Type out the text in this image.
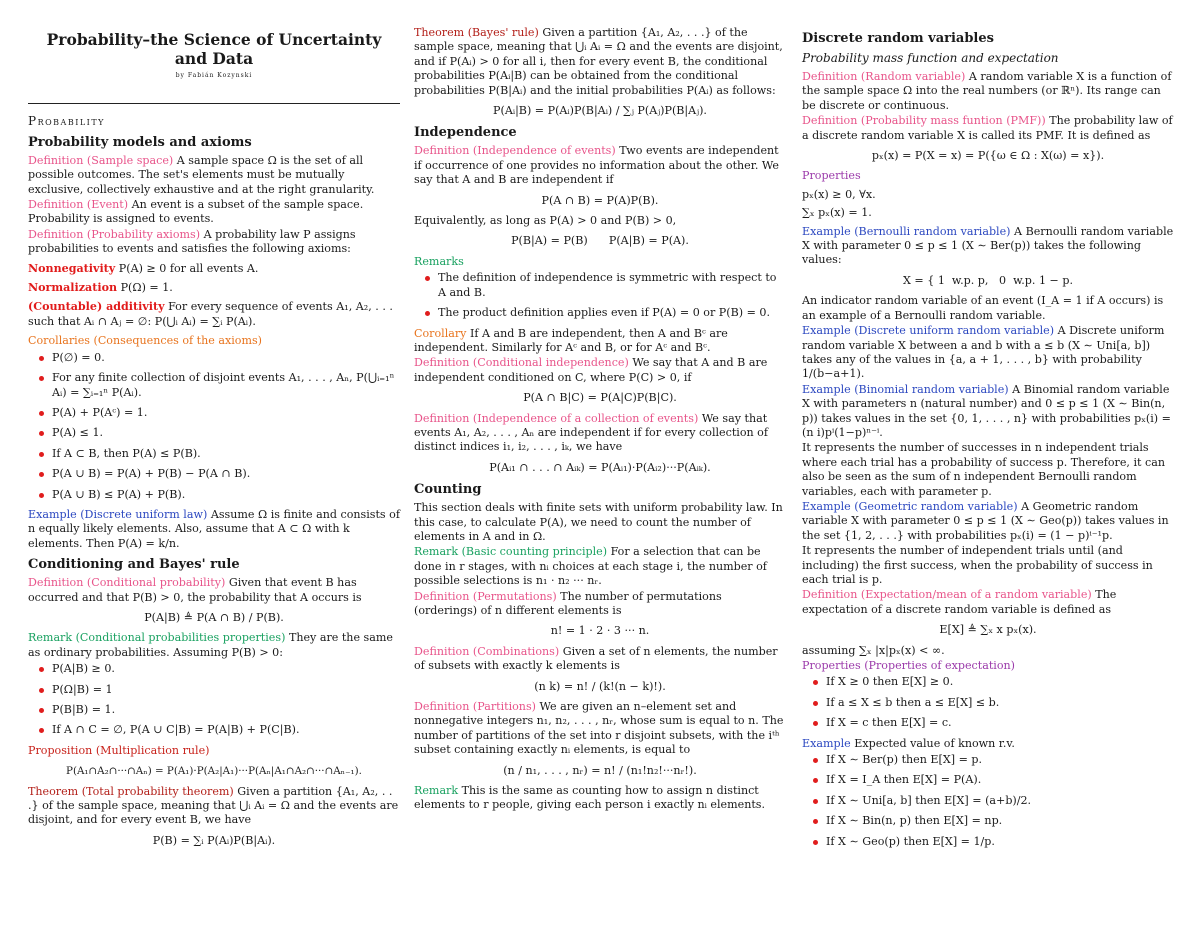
Probability–the Science of Uncertainty and Data
by Fabián Kozynski
Probability
Probability models and axioms
Definition (Sample space) A sample space Ω is the set of all possible outcomes. The set's elements must be mutually exclusive, collectively exhaustive and at the right granularity.
Definition (Event) An event is a subset of the sample space. Probability is assigned to events.
Definition (Probability axioms) A probability law P assigns probabilities to events and satisfies the following axioms:
Nonnegativity P(A) ≥ 0 for all events A.
Normalization P(Ω) = 1.
(Countable) additivity For every sequence of events A₁, A₂, . . . such that Aᵢ ∩ Aⱼ = ∅: P(⋃ᵢ Aᵢ) = ∑ᵢ P(Aᵢ).
Corollaries (Consequences of the axioms)
P(∅) = 0.
For any finite collection of disjoint events A₁, . . . , Aₙ, P(⋃ᵢ₌₁ⁿ Aᵢ) = ∑ᵢ₌₁ⁿ P(Aᵢ).
P(A) + P(Aᶜ) = 1.
P(A) ≤ 1.
If A ⊂ B, then P(A) ≤ P(B).
P(A ∪ B) = P(A) + P(B) − P(A ∩ B).
P(A ∪ B) ≤ P(A) + P(B).
Example (Discrete uniform law) Assume Ω is finite and consists of n equally likely elements. Also, assume that A ⊂ Ω with k elements. Then P(A) = k/n.
Conditioning and Bayes' rule
Definition (Conditional probability) Given that event B has occurred and that P(B) > 0, the probability that A occurs is
P(A|B) ≜ P(A ∩ B) / P(B).
Remark (Conditional probabilities properties) They are the same as ordinary probabilities. Assuming P(B) > 0:
P(A|B) ≥ 0.
P(Ω|B) = 1
P(B|B) = 1.
If A ∩ C = ∅, P(A ∪ C|B) = P(A|B) + P(C|B).
Proposition (Multiplication rule)
P(A₁∩A₂∩···∩Aₙ) = P(A₁)·P(A₂|A₁)···P(Aₙ|A₁∩A₂∩···∩Aₙ₋₁).
Theorem (Total probability theorem) Given a partition {A₁, A₂, . . .} of the sample space, meaning that ⋃ᵢ Aᵢ = Ω and the events are disjoint, and for every event B, we have
P(B) = ∑ᵢ P(Aᵢ)P(B|Aᵢ).
Theorem (Bayes' rule) Given a partition {A₁, A₂, . . .} of the sample space, meaning that ⋃ᵢ Aᵢ = Ω and the events are disjoint, and if P(Aᵢ) > 0 for all i, then for every event B, the conditional probabilities P(Aᵢ|B) can be obtained from the conditional probabilities P(B|Aᵢ) and the initial probabilities P(Aᵢ) as follows:
P(Aᵢ|B) = P(Aᵢ)P(B|Aᵢ) / ∑ⱼ P(Aⱼ)P(B|Aⱼ).
Independence
Definition (Independence of events) Two events are independent if occurrence of one provides no information about the other. We say that A and B are independent if
P(A ∩ B) = P(A)P(B).
Equivalently, as long as P(A) > 0 and P(B) > 0,
P(B|A) = P(B)      P(A|B) = P(A).
Remarks
The definition of independence is symmetric with respect to A and B.
The product definition applies even if P(A) = 0 or P(B) = 0.
Corollary If A and B are independent, then A and Bᶜ are independent. Similarly for Aᶜ and B, or for Aᶜ and Bᶜ.
Definition (Conditional independence) We say that A and B are independent conditioned on C, where P(C) > 0, if
P(A ∩ B|C) = P(A|C)P(B|C).
Definition (Independence of a collection of events) We say that events A₁, A₂, . . . , Aₙ are independent if for every collection of distinct indices i₁, i₂, . . . , iₖ, we have
P(Aᵢ₁ ∩ . . . ∩ Aᵢₖ) = P(Aᵢ₁)·P(Aᵢ₂)···P(Aᵢₖ).
Counting
This section deals with finite sets with uniform probability law. In this case, to calculate P(A), we need to count the number of elements in A and in Ω.
Remark (Basic counting principle) For a selection that can be done in r stages, with nᵢ choices at each stage i, the number of possible selections is n₁ · n₂ ··· nᵣ.
Definition (Permutations) The number of permutations (orderings) of n different elements is
n! = 1 · 2 · 3 ··· n.
Definition (Combinations) Given a set of n elements, the number of subsets with exactly k elements is
(n k) = n! / (k!(n − k)!).
Definition (Partitions) We are given an n–element set and nonnegative integers n₁, n₂, . . . , nᵣ, whose sum is equal to n. The number of partitions of the set into r disjoint subsets, with the iᵗʰ subset containing exactly nᵢ elements, is equal to
(n / n₁, . . . , nᵣ) = n! / (n₁!n₂!···nᵣ!).
Remark This is the same as counting how to assign n distinct elements to r people, giving each person i exactly nᵢ elements.
Discrete random variables
Probability mass function and expectation
Definition (Random variable) A random variable X is a function of the sample space Ω into the real numbers (or ℝⁿ). Its range can be discrete or continuous.
Definition (Probability mass funtion (PMF)) The probability law of a discrete random variable X is called its PMF. It is defined as
pₓ(x) = P(X = x) = P({ω ∈ Ω : X(ω) = x}).
Properties
pₓ(x) ≥ 0, ∀x.
∑ₓ pₓ(x) = 1.
Example (Bernoulli random variable) A Bernoulli random variable X with parameter 0 ≤ p ≤ 1 (X ∼ Ber(p)) takes the following values:
X = { 1  w.p. p,   0  w.p. 1 − p.
An indicator random variable of an event (I_A = 1 if A occurs) is an example of a Bernoulli random variable.
Example (Discrete uniform random variable) A Discrete uniform random variable X between a and b with a ≤ b (X ∼ Uni[a, b]) takes any of the values in {a, a + 1, . . . , b} with probability 1/(b−a+1).
Example (Binomial random variable) A Binomial random variable X with parameters n (natural number) and 0 ≤ p ≤ 1 (X ∼ Bin(n, p)) takes values in the set {0, 1, . . . , n} with probabilities pₓ(i) = (n i)pⁱ(1−p)ⁿ⁻ⁱ.
It represents the number of successes in n independent trials where each trial has a probability of success p. Therefore, it can also be seen as the sum of n independent Bernoulli random variables, each with parameter p.
Example (Geometric random variable) A Geometric random variable X with parameter 0 ≤ p ≤ 1 (X ∼ Geo(p)) takes values in the set {1, 2, . . .} with probabilities pₓ(i) = (1 − p)ⁱ⁻¹p.
It represents the number of independent trials until (and including) the first success, when the probability of success in each trial is p.
Definition (Expectation/mean of a random variable) The expectation of a discrete random variable is defined as
E[X] ≜ ∑ₓ x pₓ(x).
assuming ∑ₓ |x|pₓ(x) < ∞.
Properties (Properties of expectation)
If X ≥ 0 then E[X] ≥ 0.
If a ≤ X ≤ b then a ≤ E[X] ≤ b.
If X = c then E[X] = c.
Example Expected value of known r.v.
If X ∼ Ber(p) then E[X] = p.
If X = I_A then E[X] = P(A).
If X ∼ Uni[a, b] then E[X] = (a+b)/2.
If X ∼ Bin(n, p) then E[X] = np.
If X ∼ Geo(p) then E[X] = 1/p.
